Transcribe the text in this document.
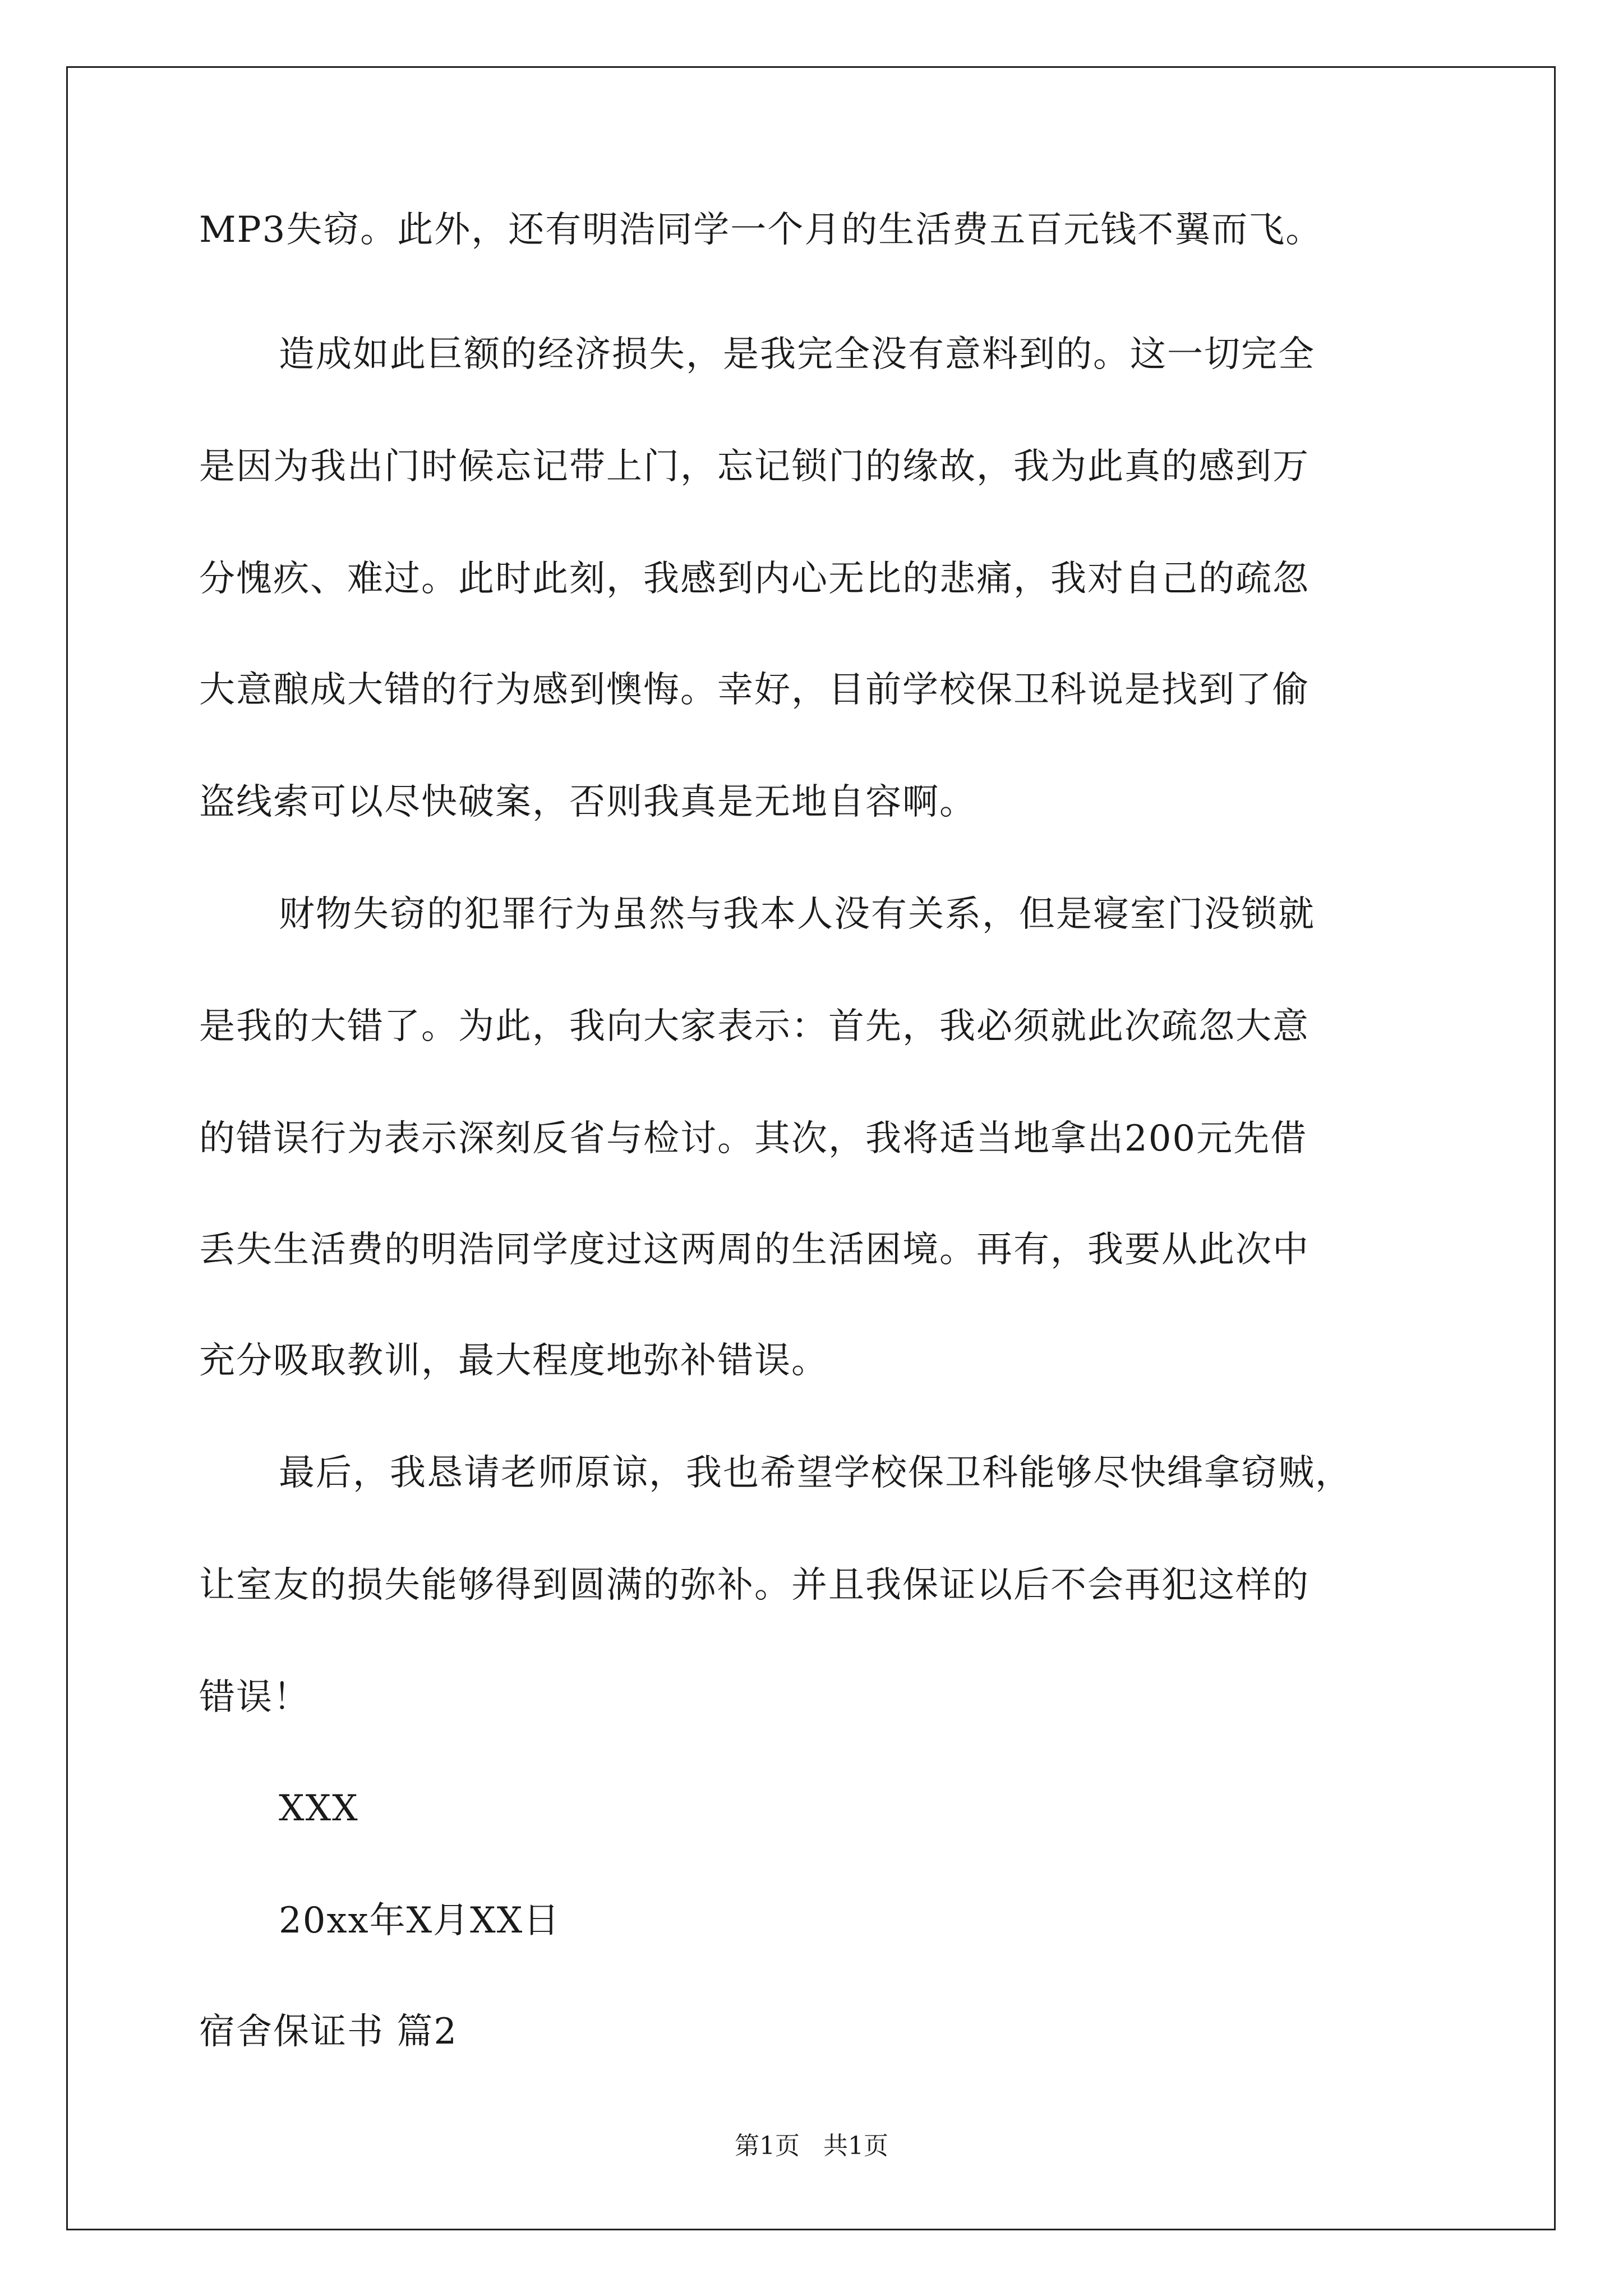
MP3失窃。此外，还有明浩同学一个月的生活费五百元钱不翼而飞。
造成如此巨额的经济损失，是我完全没有意料到的。这一切完全
是因为我出门时候忘记带上门，忘记锁门的缘故，我为此真的感到万
分愧疚、难过。此时此刻，我感到内心无比的悲痛，我对自己的疏忽
大意酿成大错的行为感到懊悔。幸好，目前学校保卫科说是找到了偷
盗线索可以尽快破案，否则我真是无地自容啊。
财物失窃的犯罪行为虽然与我本人没有关系，但是寝室门没锁就
是我的大错了。为此，我向大家表示：首先，我必须就此次疏忽大意
的错误行为表示深刻反省与检讨。其次，我将适当地拿出200元先借
丢失生活费的明浩同学度过这两周的生活困境。再有，我要从此次中
充分吸取教训，最大程度地弥补错误。
最后，我恳请老师原谅，我也希望学校保卫科能够尽快缉拿窃贼，
让室友的损失能够得到圆满的弥补。并且我保证以后不会再犯这样的
错误！
XXX
20xx年X月XX日
宿舍保证书 篇2
第1页   共1页
